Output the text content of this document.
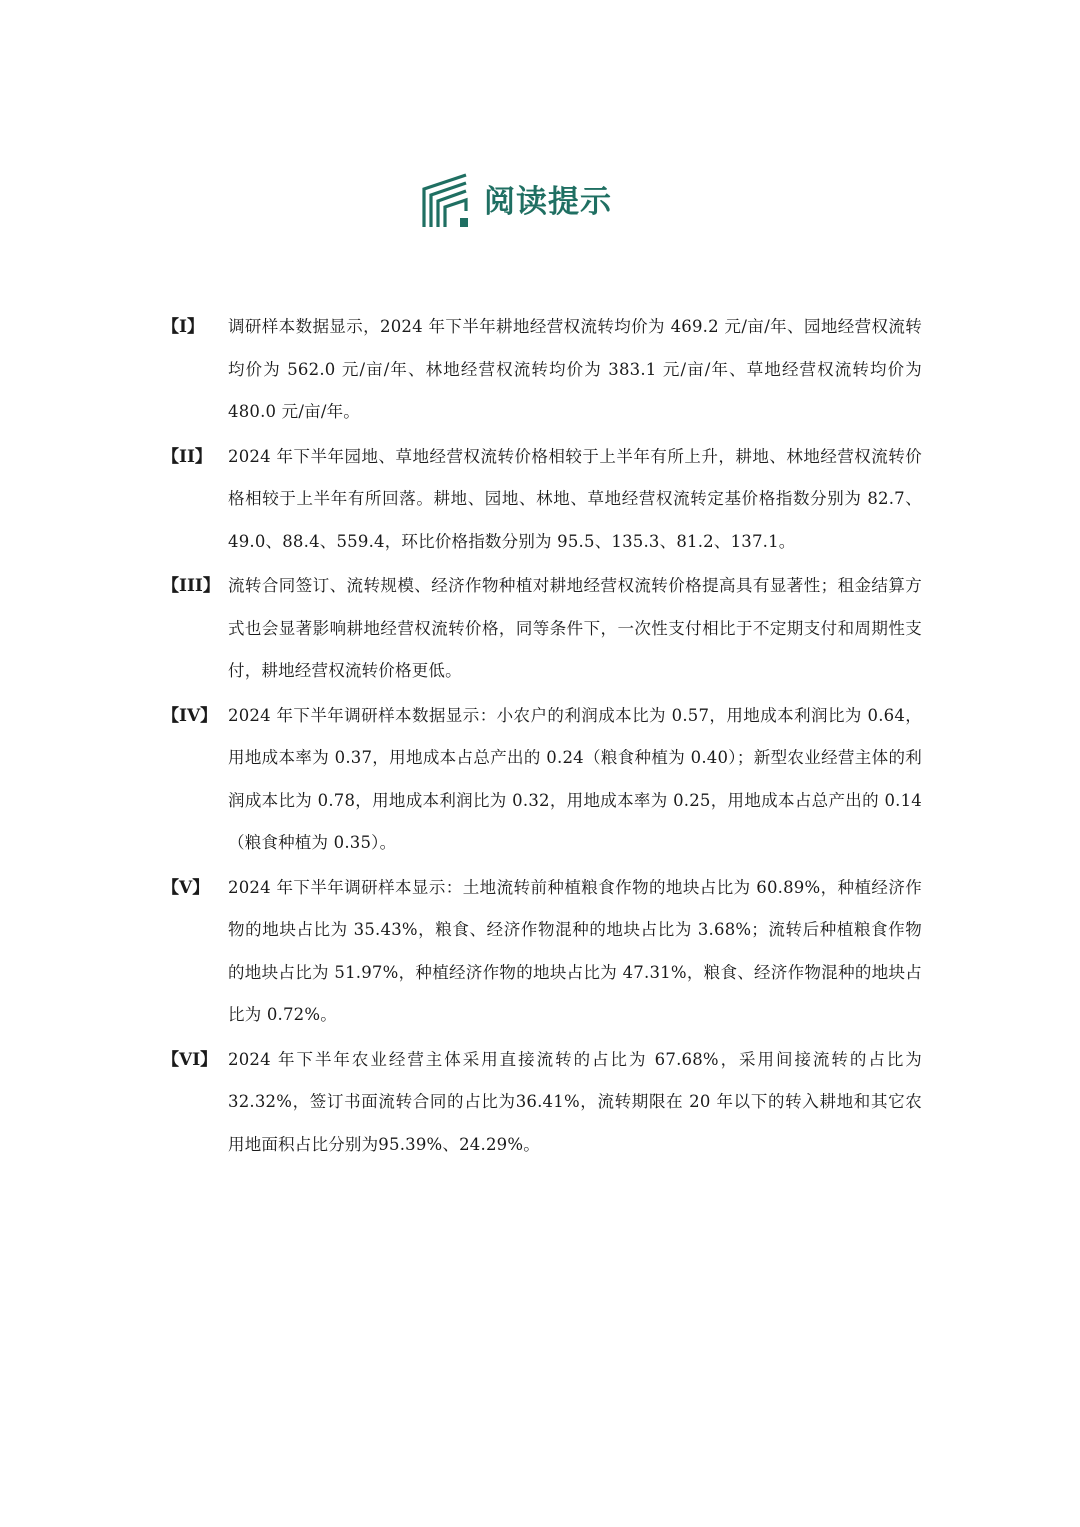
阅读提示
【I】	调研样本数据显示，2024 年下半年耕地经营权流转均价为 469.2 元/亩/年、园地经营权流转均价为 562.0 元/亩/年、林地经营权流转均价为 383.1 元/亩/年、草地经营权流转均价为 480.0 元/亩/年。
【II】 2024 年下半年园地、草地经营权流转价格相较于上半年有所上升，耕地、林地经营权流转价格相较于上半年有所回落。耕地、园地、林地、草地经营权流转定基价格指数分别为 82.7、49.0、88.4、559.4，环比价格指数分别为 95.5、135.3、81.2、137.1。
【III】 流转合同签订、流转规模、经济作物种植对耕地经营权流转价格提高具有显著性；租金结算方式也会显著影响耕地经营权流转价格，同等条件下，一次性支付相比于不定期支付和周期性支付，耕地经营权流转价格更低。
【IV】 2024 年下半年调研样本数据显示：小农户的利润成本比为 0.57，用地成本利润比为 0.64，用地成本率为 0.37，用地成本占总产出的 0.24（粮食种植为 0.40）；新型农业经营主体的利润成本比为 0.78，用地成本利润比为 0.32，用地成本率为 0.25，用地成本占总产出的 0.14（粮食种植为 0.35）。
【V】	2024 年下半年调研样本显示：土地流转前种植粮食作物的地块占比为 60.89%，种植经济作物的地块占比为 35.43%，粮食、经济作物混种的地块占比为 3.68%；流转后种植粮食作物的地块占比为 51.97%，种植经济作物的地块占比为 47.31%，粮食、经济作物混种的地块占比为 0.72%。
【VI】 2024 年下半年农业经营主体采用直接流转的占比为 67.68%，采用间接流转的占比为 32.32%，签订书面流转合同的占比为36.41%，流转期限在 20 年以下的转入耕地和其它农用地面积占比分别为95.39%、24.29%。
